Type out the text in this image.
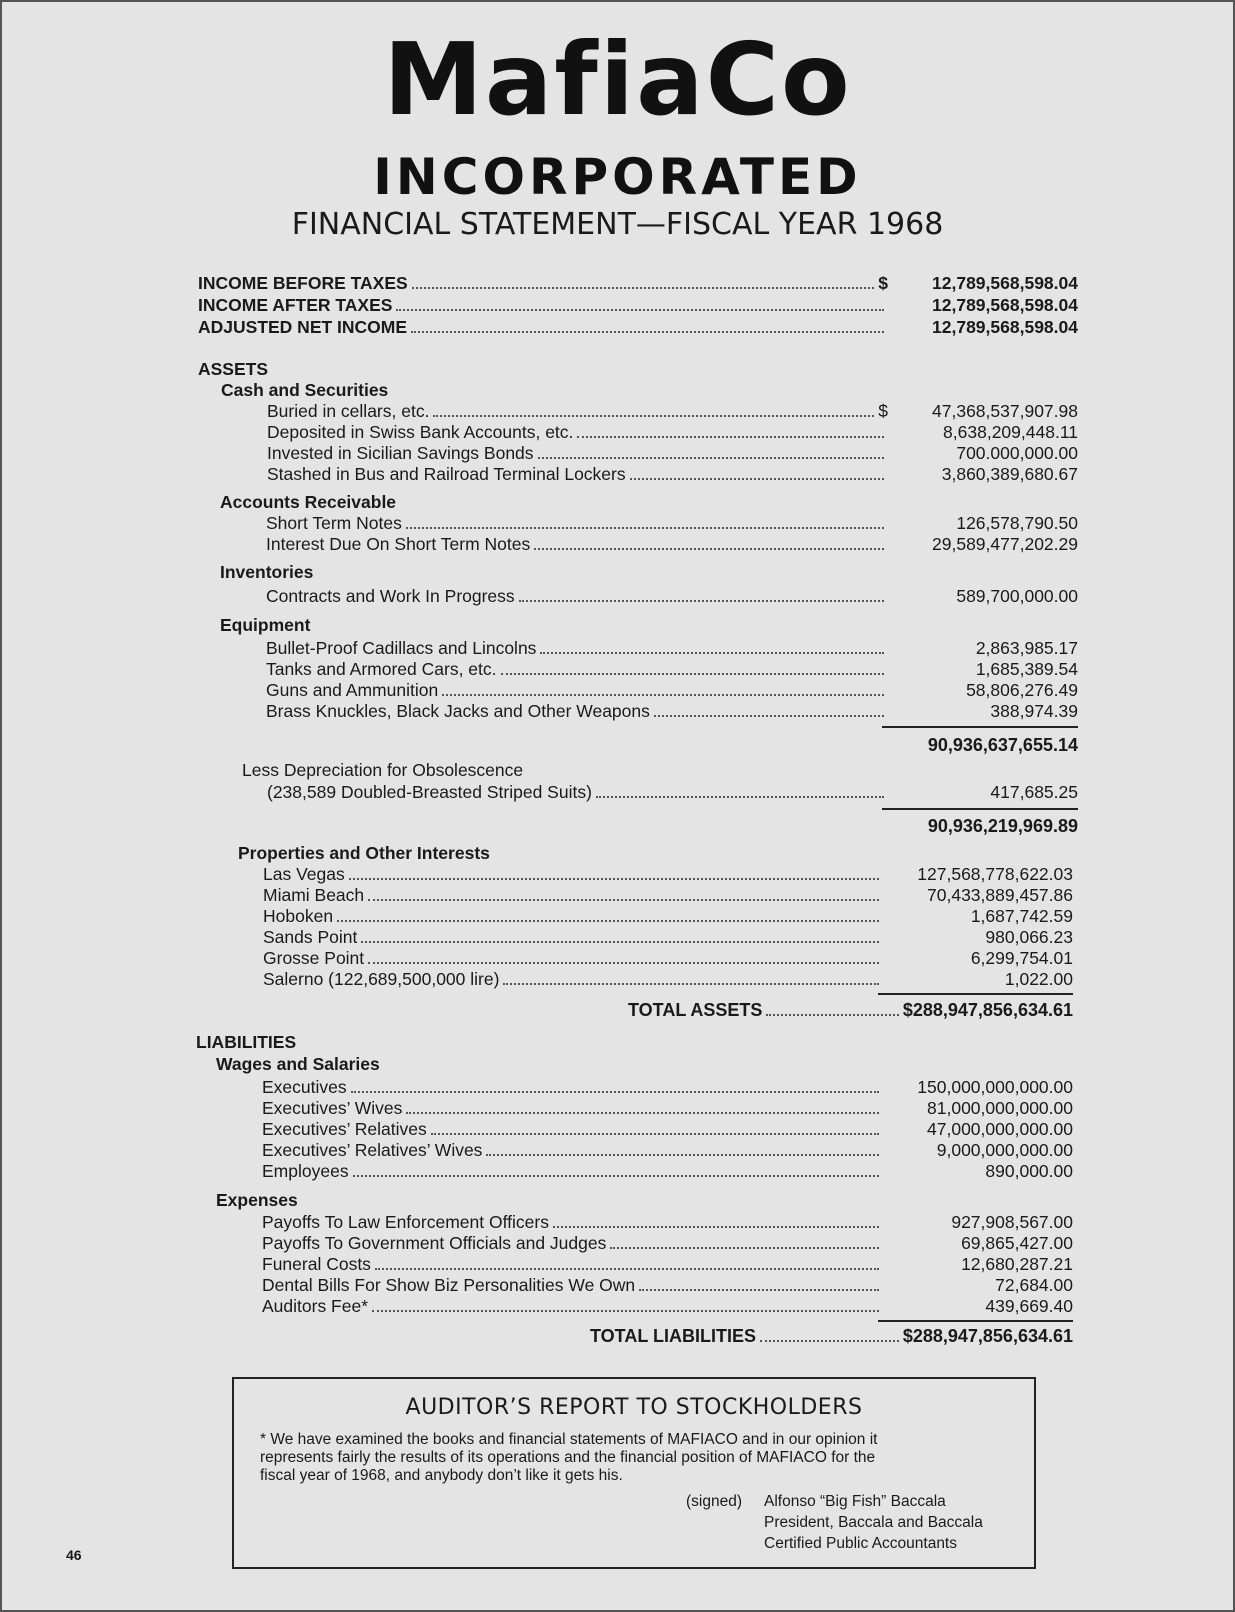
MafiaCo
INCORPORATED
FINANCIAL STATEMENT—FISCAL YEAR 1968
INCOME BEFORE TAXES	$	12,789,568,598.04
INCOME AFTER TAXES	12,789,568,598.04
ADJUSTED NET INCOME	12,789,568,598.04
ASSETS
Cash and Securities
Buried in cellars, etc.	$	47,368,537,907.98
Deposited in Swiss Bank Accounts, etc.	8,638,209,448.11
Invested in Sicilian Savings Bonds	700.000,000.00
Stashed in Bus and Railroad Terminal Lockers	3,860,389,680.67
Accounts Receivable
Short Term Notes	126,578,790.50
Interest Due On Short Term Notes	29,589,477,202.29
Inventories
Contracts and Work In Progress	589,700,000.00
Equipment
Bullet-Proof Cadillacs and Lincolns	2,863,985.17
Tanks and Armored Cars, etc.	1,685,389.54
Guns and Ammunition	58,806,276.49
Brass Knuckles, Black Jacks and Other Weapons	388,974.39
90,936,637,655.14
Less Depreciation for Obsolescence
(238,589 Doubled-Breasted Striped Suits)	417,685.25
90,936,219,969.89
Properties and Other Interests
Las Vegas	127,568,778,622.03
Miami Beach	70,433,889,457.86
Hoboken	1,687,742.59
Sands Point	980,066.23
Grosse Point	6,299,754.01
Salerno (122,689,500,000 lire)	1,022.00
TOTAL ASSETS	$288,947,856,634.61
LIABILITIES
Wages and Salaries
Executives	150,000,000,000.00
Executives’ Wives	81,000,000,000.00
Executives’ Relatives	47,000,000,000.00
Executives’ Relatives’ Wives	9,000,000,000.00
Employees	890,000.00
Expenses
Payoffs To Law Enforcement Officers	927,908,567.00
Payoffs To Government Officials and Judges	69,865,427.00
Funeral Costs	12,680,287.21
Dental Bills For Show Biz Personalities We Own	72,684.00
Auditors Fee*	439,669.40
TOTAL LIABILITIES	$288,947,856,634.61
AUDITOR’S REPORT TO STOCKHOLDERS
* We have examined the books and financial statements of MAFIACO and in our opinion it
represents fairly the results of its operations and the financial position of MAFIACO for the
fiscal year of 1968, and anybody don’t like it gets his.
(signed) Alfonso “Big Fish” Baccala
President, Baccala and Baccala
Certified Public Accountants
46
